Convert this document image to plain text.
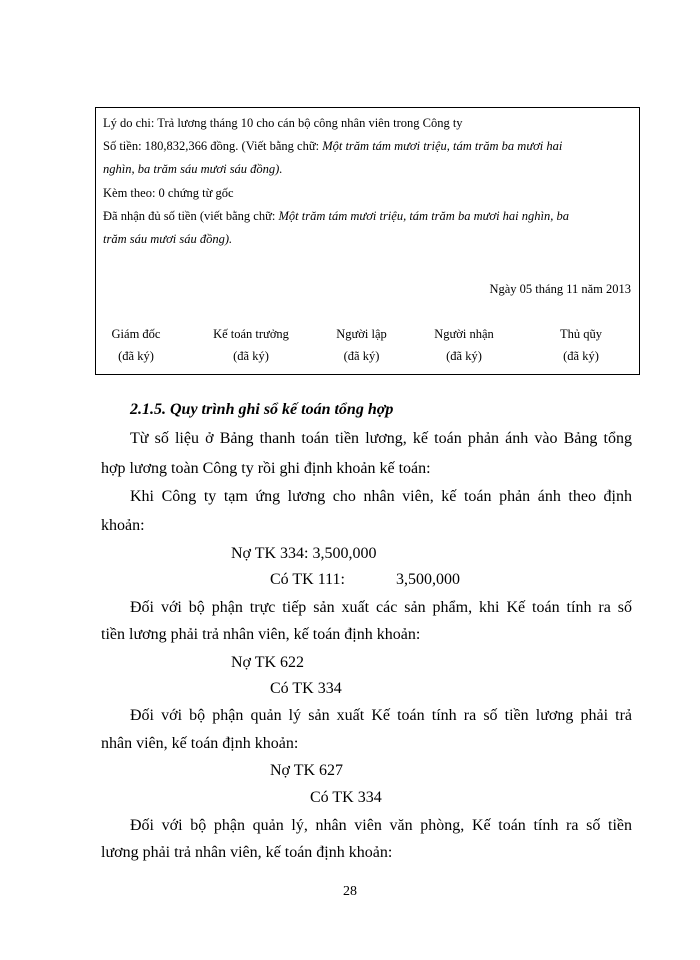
Lý do chi: Trả lương tháng 10 cho cán bộ công nhân viên trong Công ty
Số tiền: 180,832,366 đồng. (Viết bằng chữ: Một trăm tám mươi triệu, tám trăm ba mươi hai
nghìn, ba trăm sáu mươi sáu đồng).
Kèm theo: 0 chứng từ gốc
Đã nhận đủ số tiền (viết bằng chữ: Một trăm tám mươi triệu, tám trăm ba mươi hai nghìn, ba
trăm sáu mươi sáu đồng).
Ngày 05 tháng 11 năm 2013
Giám đốc
(đã ký)
Kế toán trưởng
(đã ký)
Người lập
(đã ký)
Người nhận
(đã ký)
Thủ qũy
(đã ký)
2.1.5. Quy trình ghi sổ kế toán tổng hợp
Từ số liệu ở Bảng thanh toán tiền lương, kế toán phản ánh vào Bảng tổng
hợp lương toàn Công ty rồi ghi định khoản kế toán:
Khi Công ty tạm ứng lương cho nhân viên, kế toán phản ánh theo định
khoản:
Nợ TK 334: 3,500,000
Có TK 111:	3,500,000
Đối với bộ phận trực tiếp sản xuất các sản phẩm, khi Kế toán tính ra số
tiền lương phải trả nhân viên, kế toán định khoản:
Nợ TK 622
Có TK 334
Đối với bộ phận quản lý sản xuất Kế toán tính ra số tiền lương phải trả
nhân viên, kế toán định khoản:
Nợ TK 627
Có TK 334
Đối với bộ phận quản lý, nhân viên văn phòng, Kế toán tính ra số tiền
lương phải trả nhân viên, kế toán định khoản:
28
